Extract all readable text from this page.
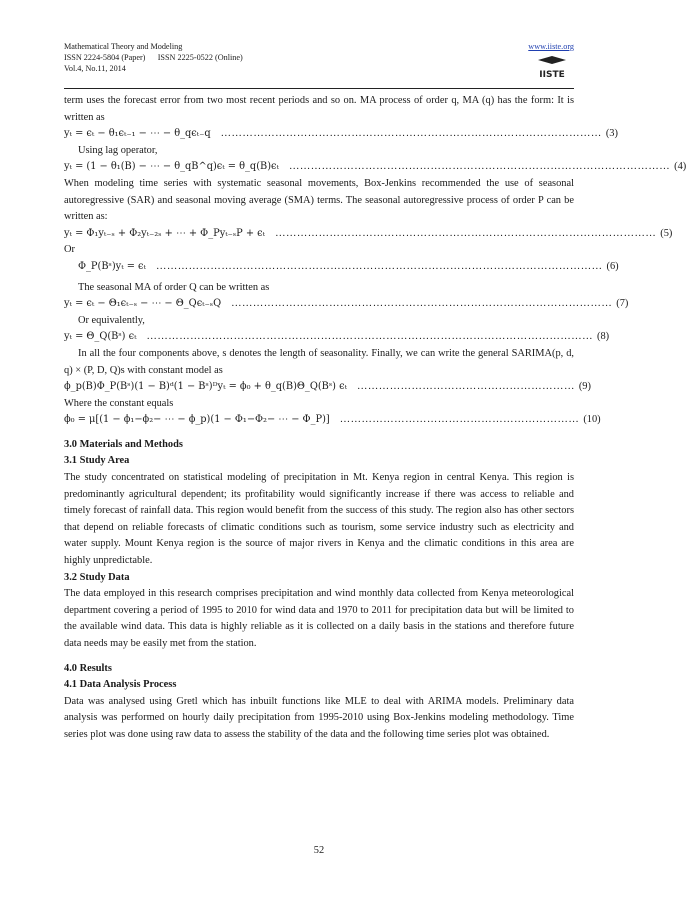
Mathematical Theory and Modeling
ISSN 2224-5804 (Paper)      ISSN 2225-0522 (Online)
Vol.4, No.11, 2014
www.iiste.org
IISTE

term uses the forecast error from two most recent periods and so on. MA process of order q, MA (q) has the form: It is written as

yₜ = ϵₜ − θ₁ϵₜ₋₁ − ⋯ − θ_qϵₜ₋q …………………………………………………………………………………………… (3)

Using lag operator,

yₜ = (1 − θ₁(B) − ⋯ − θ_qB^q)ϵₜ = θ_q(B)ϵₜ …………………………………………………………………………………………… (4)

When modeling time series with systematic seasonal movements, Box-Jenkins recommended the use of seasonal autoregressive (SAR) and seasonal moving average (SMA) terms. The seasonal autoregressive process of order P can be written as:

yₜ = Φ₁yₜ₋ₛ + Φ₂yₜ₋₂ₛ + ⋯ + Φ_Pyₜ₋ₛP + ϵₜ …………………………………………………………………………………………… (5)

Or

Φ_P(Bˢ)yₜ = ϵₜ …………………………………………………………………………………………………………… (6)

The seasonal MA of order Q can be written as

yₜ = ϵₜ − Θ₁ϵₜ₋ₛ − ⋯ − Θ_Qϵₜ₋ₛQ …………………………………………………………………………………………… (7)

Or equivalently,

yₜ = Θ_Q(Bˢ) ϵₜ …………………………………………………………………………………………………………… (8)

In all the four components above, s denotes the length of seasonality. Finally, we can write the general SARIMA(p, d, q) × (P, D, Q)s with constant model as

ϕ_p(B)Φ_P(Bˢ)(1 − B)ᵈ(1 − Bˢ)ᴰyₜ = ϕ₀ + θ_q(B)Θ_Q(Bˢ) ϵₜ …………………………………………………… (9)

Where the constant equals

ϕ₀ = μ[(1 − ϕ₁−ϕ₂− ⋯ − ϕ_p)(1 − Φ₁−Φ₂− ⋯ − Φ_P)] ………………………………………………………… (10)

3.0 Materials and Methods

3.1 Study Area

The study concentrated on statistical modeling of precipitation in Mt. Kenya region in central Kenya. This region is predominantly agricultural dependent; its profitability would significantly increase if there was access to reliable and timely forecast of rainfall data. This region would benefit from the success of this study. The region also has other sectors that depend on reliable forecasts of climatic conditions such as tourism, some service industry such as electricity and water supply. Mount Kenya region is the source of major rivers in Kenya and the climatic conditions in this area are highly unpredictable.

3.2 Study Data

The data employed in this research comprises precipitation and wind monthly data collected from Kenya meteorological department covering a period of 1995 to 2010 for wind data and 1970 to 2011 for precipitation data but will be limited to the available wind data. This data is highly reliable as it is collected on a daily basis in the stations and therefore future data needs may be easily met from the station.

4.0 Results

4.1 Data Analysis Process

Data was analysed using Gretl which has inbuilt functions like MLE to deal with ARIMA models. Preliminary data analysis was performed on hourly daily precipitation from 1995-2010 using Box-Jenkins modeling methodology. Time series plot was done using raw data to assess the stability of the data and the following time series plot was obtained.

52
